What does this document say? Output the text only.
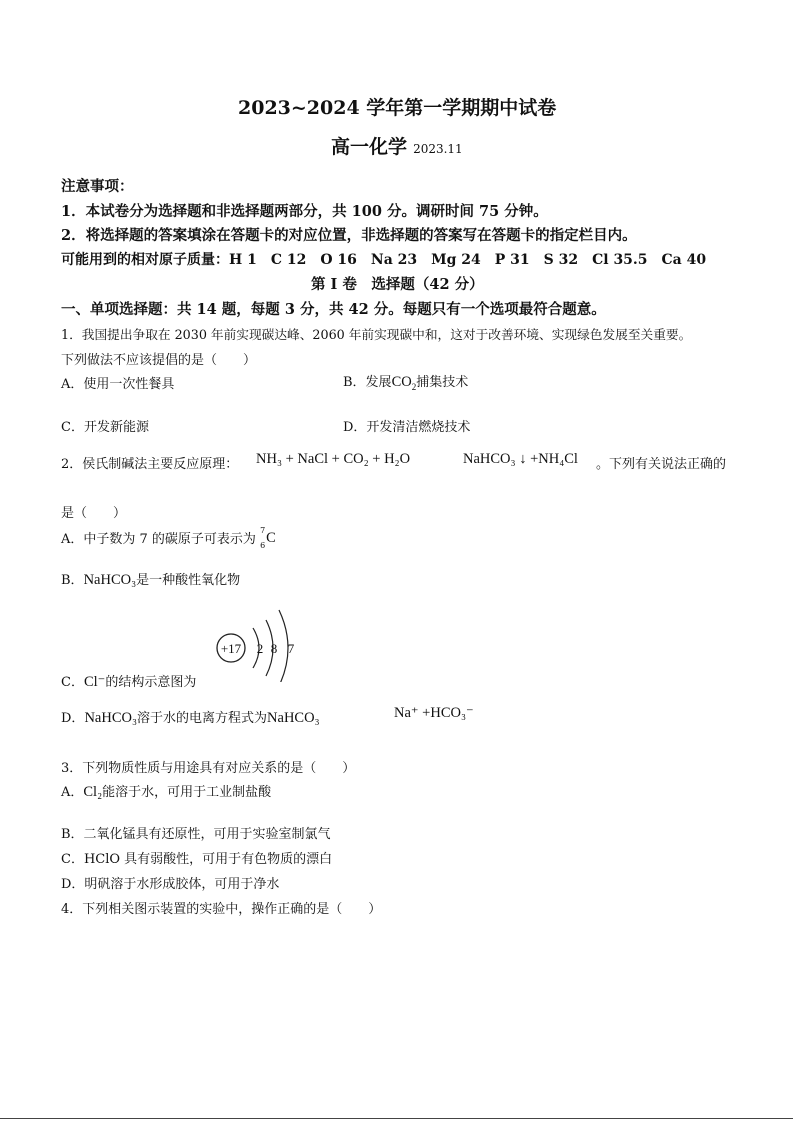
2023~2024 学年第一学期期中试卷
高一化学 2023.11
注意事项：
1．本试卷分为选择题和非选择题两部分，共 100 分。调研时间 75 分钟。
2．将选择题的答案填涂在答题卡的对应位置，非选择题的答案写在答题卡的指定栏目内。
可能用到的相对原子质量：H 1　C 12　O 16　Na 23　Mg 24　P 31　S 32　Cl 35.5　Ca 40
第 I 卷　选择题（42 分）
一、单项选择题：共 14 题，每题 3 分，共 42 分。每题只有一个选项最符合题意。
1．我国提出争取在 2030 年前实现碳达峰、2060 年前实现碳中和，这对于改善环境、实现绿色发展至关重要。
下列做法不应该提倡的是（　　）
A．使用一次性餐具	B．发展$CO_2$捕集技术
C．开发新能源	D．开发清洁燃烧技术
2．侯氏制碱法主要反应原理： NH₃ + NaCl + CO₂ + H₂O	NaHCO₃ ↓ +NH₄Cl 。下列有关说法正确的
是（　　）
A．中子数为 7 的碳原子可表示为
7
6 C
B．NaHCO₃是一种酸性氧化物
+17 2 8 7
C．Cl⁻的结构示意图为
D．NaHCO₃溶于水的电离方程式为NaHCO₃	Na⁺ +HCO₃⁻
3．下列物质性质与用途具有对应关系的是（　　）
A．Cl₂能溶于水，可用于工业制盐酸
B．二氧化锰具有还原性，可用于实验室制氯气
C．HClO 具有弱酸性，可用于有色物质的漂白
D．明矾溶于水形成胶体，可用于净水
4．下列相关图示装置的实验中，操作正确的是（　　）
